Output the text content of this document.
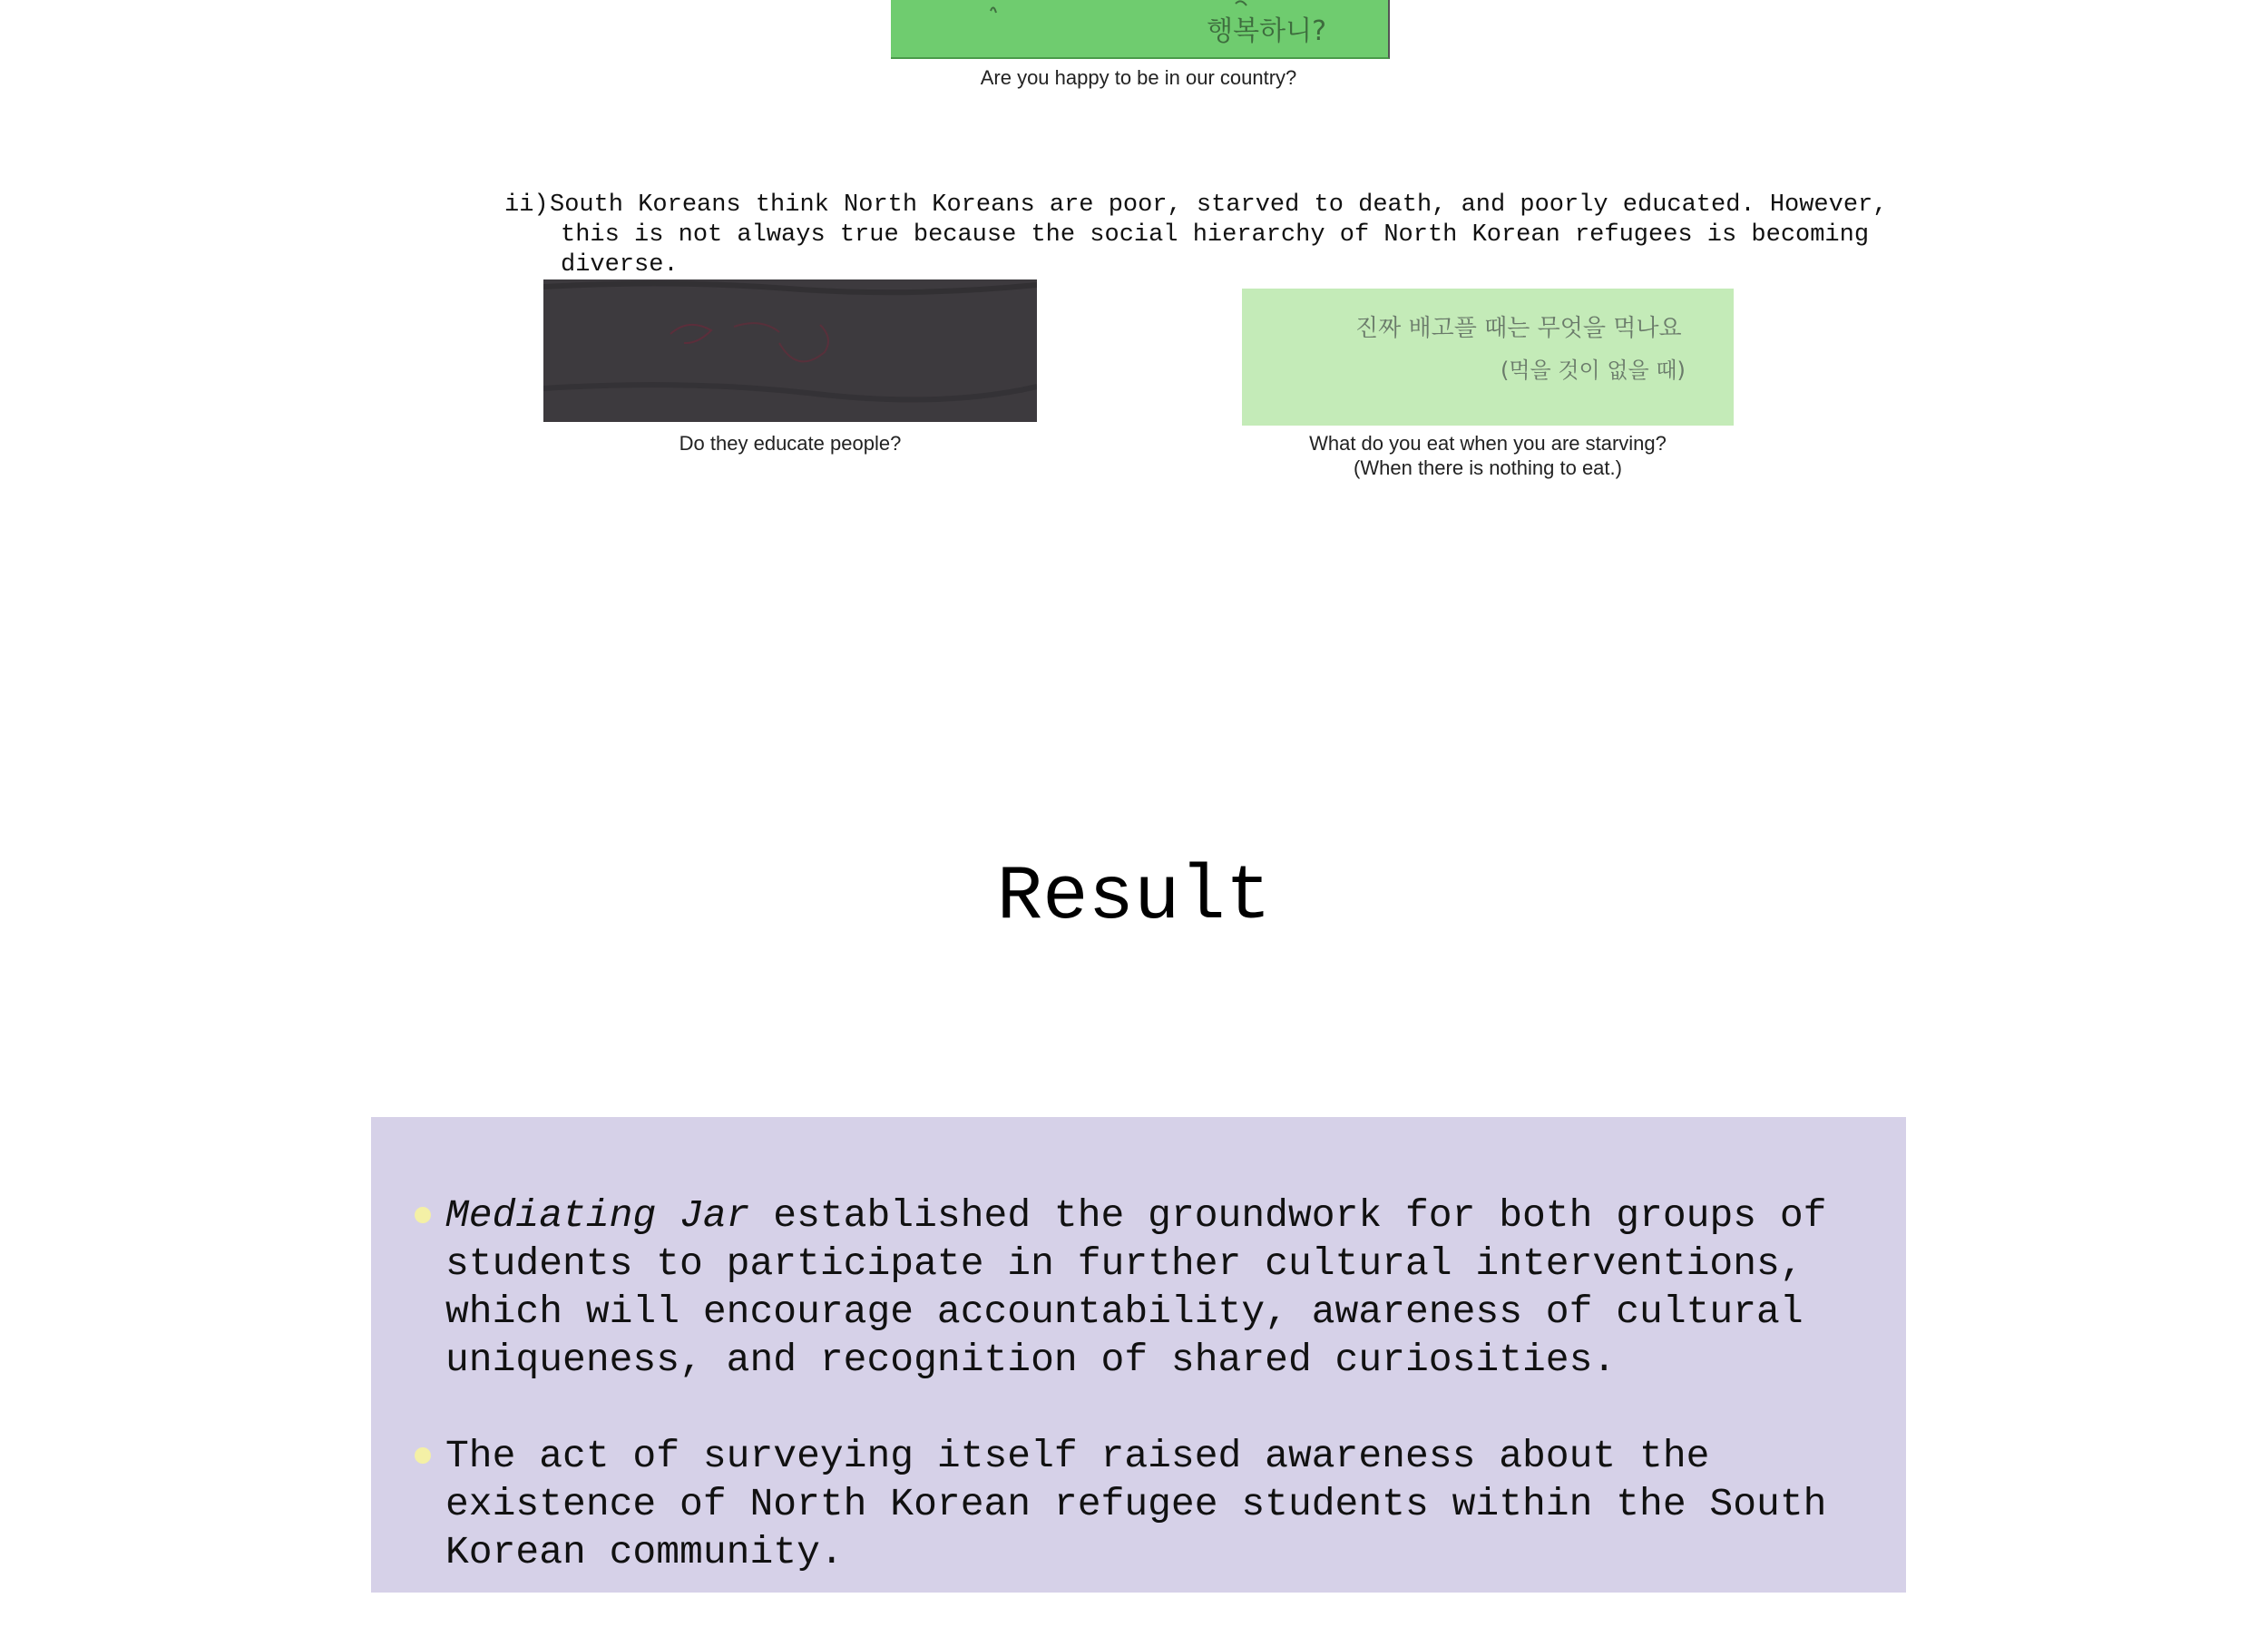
행복하니?

Are you happy to be in our country?

ii)South Koreans think North Koreans are poor, starved to death, and poorly educated. However,
this is not always true because the social hierarchy of North Korean refugees is becoming diverse.

Do they educate people?

진짜 배고플 때는 무엇을 먹나요
(먹을 것이 없을 때)
What do you eat when you are starving?
(When there is nothing to eat.)
Result
Mediating Jar established the groundwork for both groups of students to participate in further cultural interventions, which will encourage accountability, awareness of cultural uniqueness, and recognition of shared curiosities.
The act of surveying itself raised awareness about the existence of North Korean refugee students within the South Korean community.
